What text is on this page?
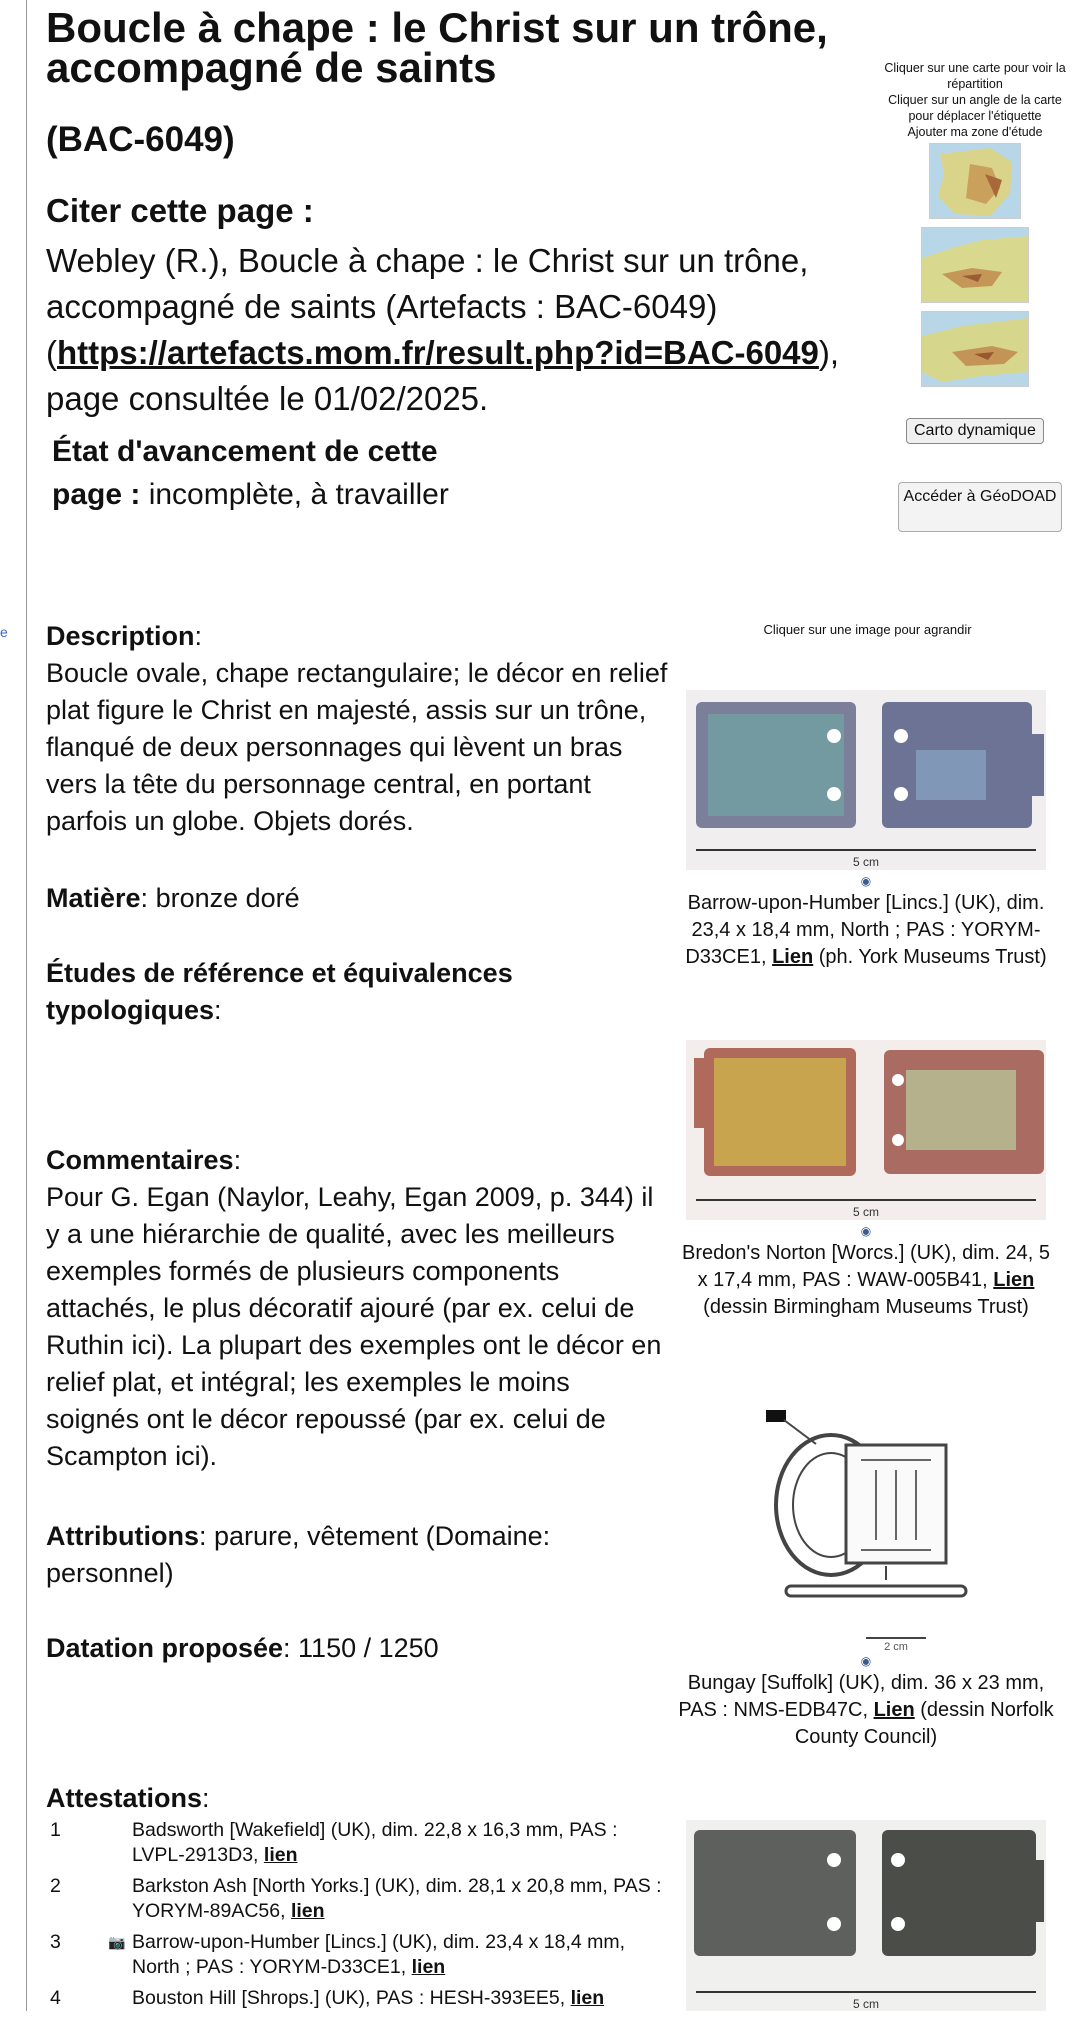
e
Boucle à chape : le Christ sur un trône, accompagné de saints
(BAC-6049)
Citer cette page :
Webley (R.), Boucle à chape : le Christ sur un trône, accompagné de saints (Artefacts : BAC-6049) (https://artefacts.mom.fr/result.php?id=BAC-6049), page consultée le 01/02/2025.
État d'avancement de cette page : incomplète, à travailler
Cliquer sur une carte pour voir la répartition
Cliquer sur un angle de la carte pour déplacer l'étiquette
Ajouter ma zone d'étude
Carto dynamique
Accéder à GéoDOAD
Description:
Boucle ovale, chape rectangulaire; le décor en relief plat figure le Christ en majesté, assis sur un trône, flanqué de deux personnages qui lèvent un bras vers la tête du personnage central, en portant parfois un globe. Objets dorés.
Matière: bronze doré
Études de référence et équivalences typologiques:
Commentaires:
Pour G. Egan (Naylor, Leahy, Egan 2009, p. 344) il y a une hiérarchie de qualité, avec les meilleurs exemples formés de plusieurs components attachés, le plus décoratif ajouré (par ex. celui de Ruthin ici). La plupart des exemples ont le décor en relief plat, et intégral; les exemples le moins soignés ont le décor repoussé (par ex. celui de Scampton ici).
Attributions: parure, vêtement (Domaine: personnel)
Datation proposée: 1150 / 1250
Cliquer sur une image pour agrandir
5 cm
◉
Barrow-upon-Humber [Lincs.] (UK), dim. 23,4 x 18,4 mm, North ; PAS : YORYM-D33CE1, Lien (ph. York Museums Trust)
5 cm
◉
Bredon's Norton [Worcs.] (UK), dim. 24, 5 x 17,4 mm, PAS : WAW-005B41, Lien (dessin Birmingham Museums Trust)
2 cm
◉
Bungay [Suffolk] (UK), dim. 36 x 23 mm, PAS : NMS-EDB47C, Lien (dessin Norfolk County Council)
5 cm
Attestations:
1	Badsworth [Wakefield] (UK), dim. 22,8 x 16,3 mm, PAS : LVPL-2913D3, lien
2	Barkston Ash [North Yorks.] (UK), dim. 28,1 x 20,8 mm, PAS : YORYM-89AC56, lien
3	📷 Barrow-upon-Humber [Lincs.] (UK), dim. 23,4 x 18,4 mm, North ; PAS : YORYM-D33CE1, lien
4	Bouston Hill [Shrops.] (UK), PAS : HESH-393EE5, lien
